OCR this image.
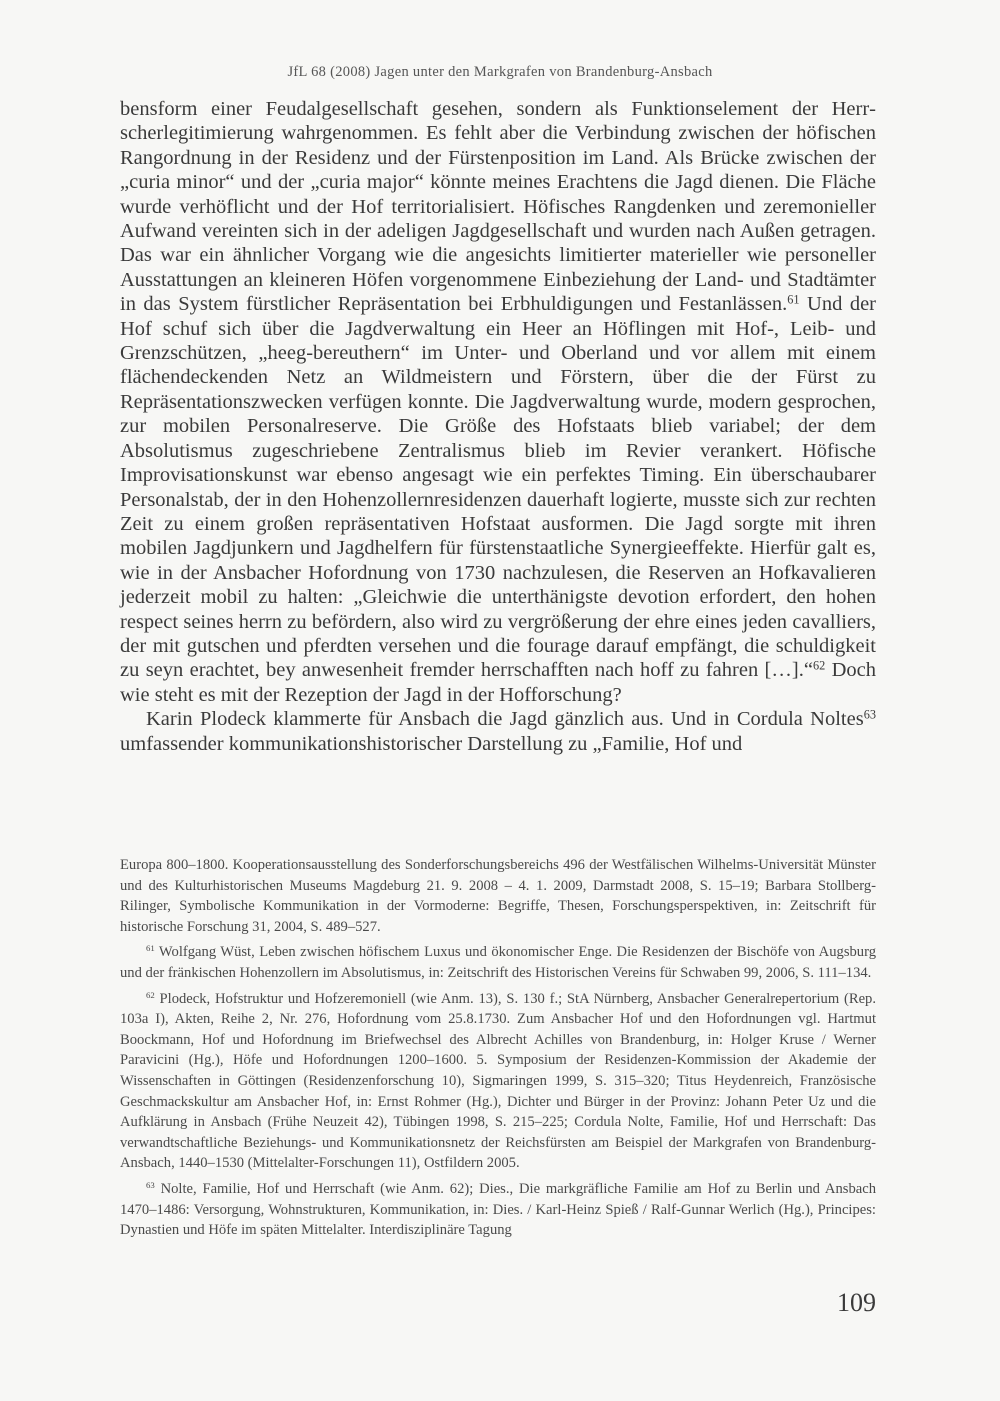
JfL 68 (2008) Jagen unter den Markgrafen von Brandenburg-Ansbach

bensform einer Feudalgesellschaft gesehen, sondern als Funktionselement der Herrscherlegitimierung wahrgenommen. Es fehlt aber die Verbindung zwischen der höfischen Rangordnung in der Residenz und der Fürstenposition im Land. Als Brücke zwischen der „curia minor“ und der „curia major“ könnte meines Erachtens die Jagd dienen. Die Fläche wurde verhöflicht und der Hof territorialisiert. Höfisches Rangdenken und zeremonieller Aufwand vereinten sich in der adeligen Jagdgesellschaft und wurden nach Außen getragen. Das war ein ähnlicher Vorgang wie die angesichts limitierter materieller wie personeller Ausstattungen an kleineren Höfen vorgenommene Einbeziehung der Land- und Stadtämter in das System fürstlicher Repräsentation bei Erbhuldigungen und Festanlässen.$^{61}$ Und der Hof schuf sich über die Jagdverwaltung ein Heer an Höflingen mit Hof-, Leib- und Grenzschützen, „heeg-bereuthern“ im Unter- und Oberland und vor allem mit einem flächendeckenden Netz an Wildmeistern und Förstern, über die der Fürst zu Repräsentationszwecken verfügen konnte. Die Jagdverwaltung wurde, modern gesprochen, zur mobilen Personalreserve. Die Größe des Hofstaats blieb variabel; der dem Absolutismus zugeschriebene Zentralismus blieb im Revier verankert. Höfische Improvisationskunst war ebenso angesagt wie ein perfektes Timing. Ein überschaubarer Personalstab, der in den Hohenzollernresidenzen dauerhaft logierte, musste sich zur rechten Zeit zu einem großen repräsentativen Hofstaat ausformen. Die Jagd sorgte mit ihren mobilen Jagdjunkern und Jagdhelfern für fürstenstaatliche Synergieeffekte. Hierfür galt es, wie in der Ansbacher Hofordnung von 1730 nachzulesen, die Reserven an Hofkavalieren jederzeit mobil zu halten: „Gleichwie die unterthänigste devotion erfordert, den hohen respect seines herrn zu befördern, also wird zu vergrößerung der ehre eines jeden cavalliers, der mit gutschen und pferdten versehen und die fourage darauf empfängt, die schuldigkeit zu seyn erachtet, bey anwesenheit fremder herrschafften nach hoff zu fahren […].“$^{62}$ Doch wie steht es mit der Rezeption der Jagd in der Hofforschung?

Karin Plodeck klammerte für Ansbach die Jagd gänzlich aus. Und in Cordula Noltes$^{63}$ umfassender kommunikationshistorischer Darstellung zu „Familie, Hof und

Europa 800–1800. Kooperationsausstellung des Sonderforschungsbereichs 496 der Westfälischen Wilhelms-Universität Münster und des Kulturhistorischen Museums Magdeburg 21. 9. 2008 – 4. 1. 2009, Darmstadt 2008, S. 15–19; Barbara Stollberg-Rilinger, Symbolische Kommunikation in der Vormoderne: Begriffe, Thesen, Forschungsperspektiven, in: Zeitschrift für historische Forschung 31, 2004, S. 489–527.

$^{61}$ Wolfgang Wüst, Leben zwischen höfischem Luxus und ökonomischer Enge. Die Residenzen der Bischöfe von Augsburg und der fränkischen Hohenzollern im Absolutismus, in: Zeitschrift des Historischen Vereins für Schwaben 99, 2006, S. 111–134.

$^{62}$ Plodeck, Hofstruktur und Hofzeremoniell (wie Anm. 13), S. 130 f.; StA Nürnberg, Ansbacher Generalrepertorium (Rep. 103a I), Akten, Reihe 2, Nr. 276, Hofordnung vom 25.8.1730. Zum Ansbacher Hof und den Hofordnungen vgl. Hartmut Boockmann, Hof und Hofordnung im Briefwechsel des Albrecht Achilles von Brandenburg, in: Holger Kruse / Werner Paravicini (Hg.), Höfe und Hofordnungen 1200–1600. 5. Symposium der Residenzen-Kommission der Akademie der Wissenschaften in Göttingen (Residenzenforschung 10), Sigmaringen 1999, S. 315–320; Titus Heydenreich, Französische Geschmackskultur am Ansbacher Hof, in: Ernst Rohmer (Hg.), Dichter und Bürger in der Provinz: Johann Peter Uz und die Aufklärung in Ansbach (Frühe Neuzeit 42), Tübingen 1998, S. 215–225; Cordula Nolte, Familie, Hof und Herrschaft: Das verwandtschaftliche Beziehungs- und Kommunikationsnetz der Reichsfürsten am Beispiel der Markgrafen von Brandenburg-Ansbach, 1440–1530 (Mittelalter-Forschungen 11), Ostfildern 2005.

$^{63}$ Nolte, Familie, Hof und Herrschaft (wie Anm. 62); Dies., Die markgräfliche Familie am Hof zu Berlin und Ansbach 1470–1486: Versorgung, Wohnstrukturen, Kommunikation, in: Dies. / Karl-Heinz Spieß / Ralf-Gunnar Werlich (Hg.), Principes: Dynastien und Höfe im späten Mittelalter. Interdisziplinäre Tagung

109
